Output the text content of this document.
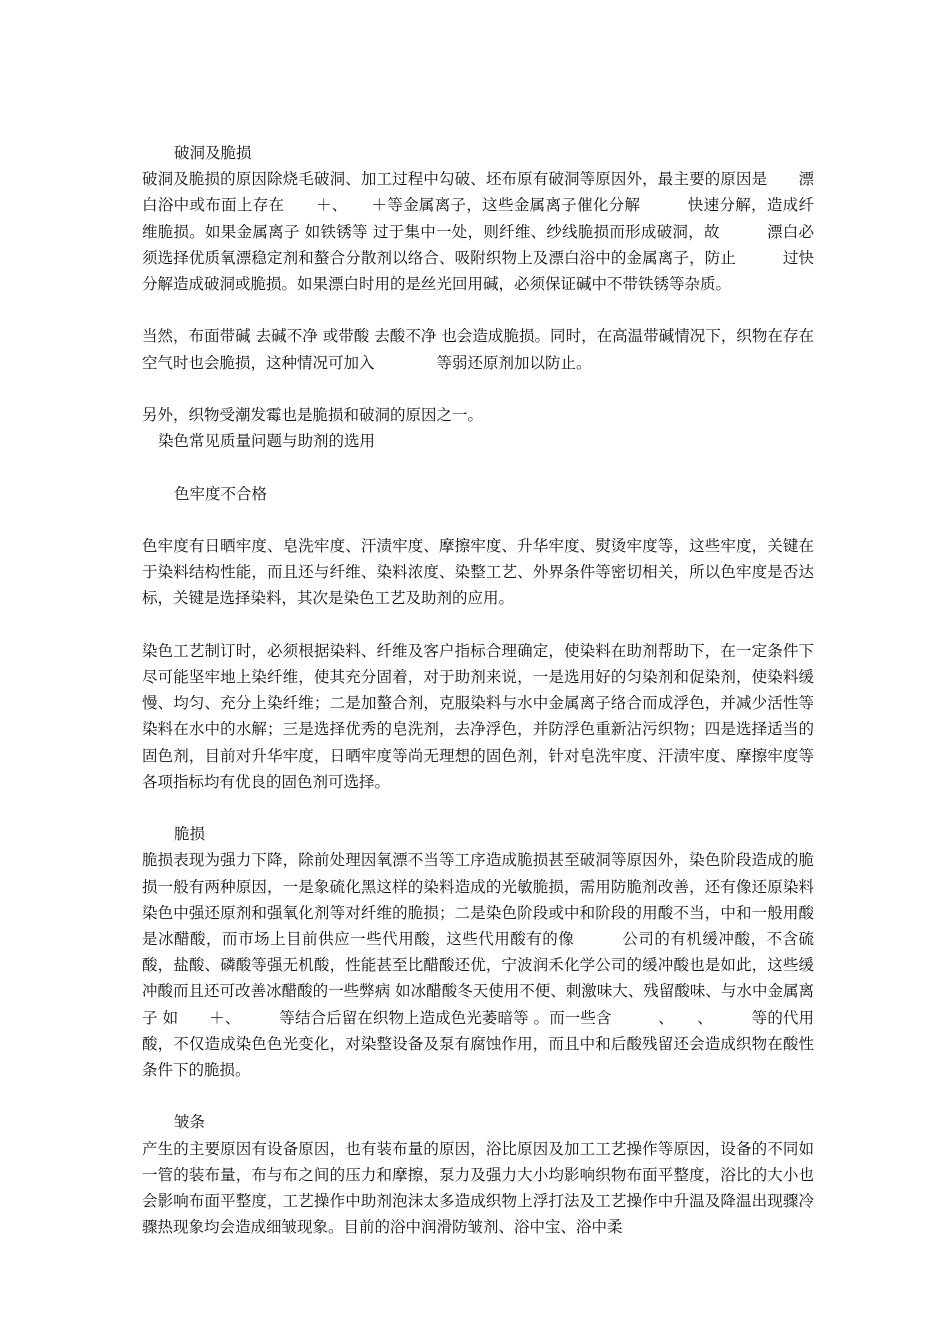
破洞及脆损

破洞及脆损的原因除烧毛破洞、加工过程中勾破、坯布原有破洞等原因外，最主要的原因是　　漂白浴中或布面上存在　　＋、　　＋等金属离子，这些金属离子催化分解　　　快速分解，造成纤维脆损。如果金属离子 如铁锈等 过于集中一处，则纤维、纱线脆损而形成破洞，故　　　漂白必须选择优质氧漂稳定剂和螯合分散剂以络合、吸附织物上及漂白浴中的金属离子，防止　　　过快分解造成破洞或脆损。如果漂白时用的是丝光回用碱，必须保证碱中不带铁锈等杂质。

当然，布面带碱 去碱不净 或带酸 去酸不净 也会造成脆损。同时，在高温带碱情况下，织物在存在空气时也会脆损，这种情况可加入　　　　等弱还原剂加以防止。

另外，织物受潮发霉也是脆损和破洞的原因之一。

染色常见质量问题与助剂的选用

色牢度不合格

色牢度有日晒牢度、皂洗牢度、汗渍牢度、摩擦牢度、升华牢度、熨烫牢度等，这些牢度，关键在于染料结构性能，而且还与纤维、染料浓度、染整工艺、外界条件等密切相关，所以色牢度是否达标，关键是选择染料，其次是染色工艺及助剂的应用。

染色工艺制订时，必须根据染料、纤维及客户指标合理确定，使染料在助剂帮助下，在一定条件下尽可能坚牢地上染纤维，使其充分固着，对于助剂来说，一是选用好的匀染剂和促染剂，使染料缓慢、均匀、充分上染纤维；二是加螯合剂，克服染料与水中金属离子络合而成浮色，并减少活性等染料在水中的水解；三是选择优秀的皂洗剂，去净浮色，并防浮色重新沾污织物；四是选择适当的固色剂，目前对升华牢度，日晒牢度等尚无理想的固色剂，针对皂洗牢度、汗渍牢度、摩擦牢度等各项指标均有优良的固色剂可选择。

脆损

脆损表现为强力下降，除前处理因氧漂不当等工序造成脆损甚至破洞等原因外，染色阶段造成的脆损一般有两种原因，一是象硫化黑这样的染料造成的光敏脆损，需用防脆剂改善，还有像还原染料染色中强还原剂和强氧化剂等对纤维的脆损；二是染色阶段或中和阶段的用酸不当，中和一般用酸是冰醋酸，而市场上目前供应一些代用酸，这些代用酸有的像　　　公司的有机缓冲酸，不含硫酸，盐酸、磷酸等强无机酸，性能甚至比醋酸还优，宁波润禾化学公司的缓冲酸也是如此，这些缓冲酸而且还可改善冰醋酸的一些弊病 如冰醋酸冬天使用不便、刺激味大、残留酸味、与水中金属离子 如　　＋、　　　等结合后留在织物上造成色光萎暗等 。而一些含　　　、　　、　　　等的代用酸，不仅造成染色色光变化，对染整设备及泵有腐蚀作用，而且中和后酸残留还会造成织物在酸性条件下的脆损。

皱条

产生的主要原因有设备原因，也有装布量的原因，浴比原因及加工工艺操作等原因，设备的不同如一管的装布量，布与布之间的压力和摩擦，泵力及强力大小均影响织物布面平整度，浴比的大小也会影响布面平整度，工艺操作中助剂泡沫太多造成织物上浮打法及工艺操作中升温及降温出现骤冷骤热现象均会造成细皱现象。目前的浴中润滑防皱剂、浴中宝、浴中柔
